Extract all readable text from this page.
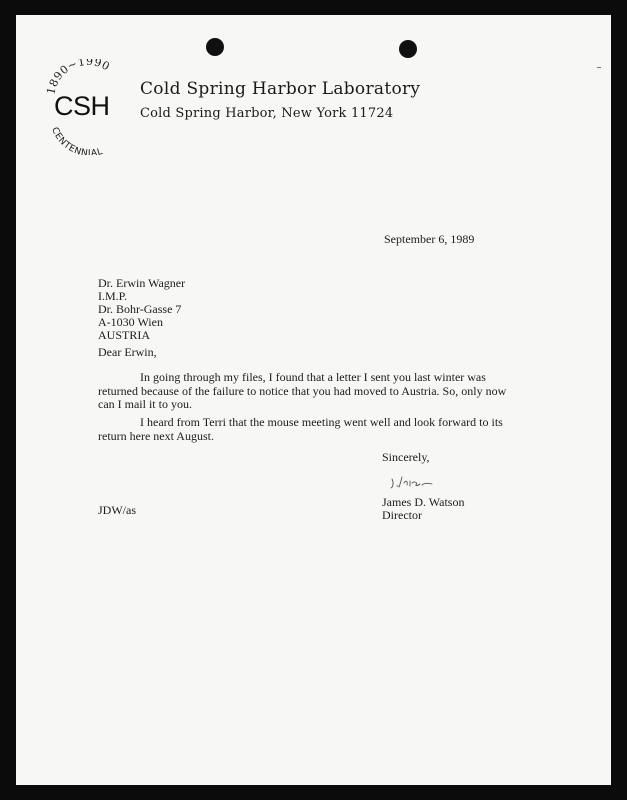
1890~1990
CSH
CENTENNIAL
Cold Spring Harbor Laboratory
Cold Spring Harbor, New York 11724
September 6, 1989
Dr. Erwin Wagner
I.M.P.
Dr. Bohr-Gasse 7
A-1030 Wien
AUSTRIA
Dear Erwin,
In going through my files, I found that a letter I sent you last winter was
returned because of the failure to notice that you had moved to Austria. So, only now
can I mail it to you.
I heard from Terri that the mouse meeting went well and look forward to its
return here next August.
Sincerely,
James D. Watson
Director
JDW/as
